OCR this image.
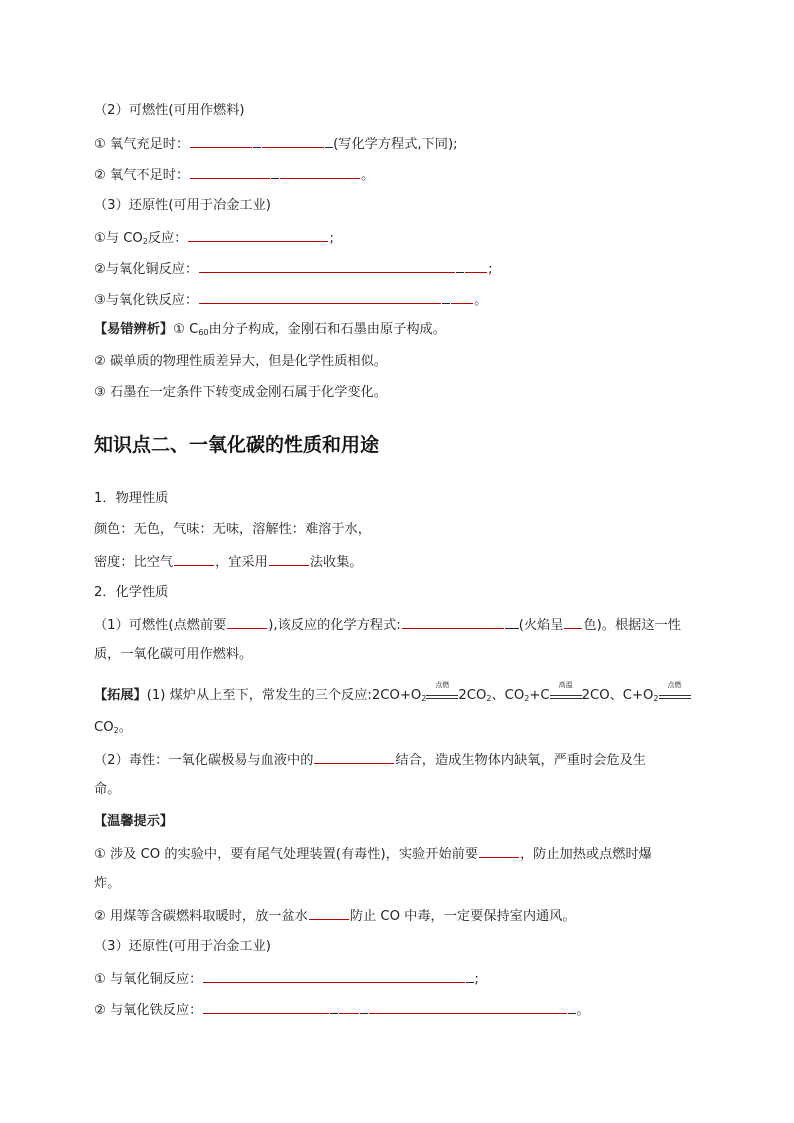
（2）可燃性(可用作燃料)
① 氧气充足时：	(写化学方程式,下同);
② 氧气不足时：	。
（3）还原性(可用于冶金工业)
①与 $CO_2$反应：	;
②与氧化铜反应：	;
③与氧化铁反应：	。
【易错辨析】① $C_{60}$由分子构成，金刚石和石墨由原子构成。
② 碳单质的物理性质差异大，但是化学性质相似。
③ 石墨在一定条件下转变成金刚石属于化学变化。
知识点二、一氧化碳的性质和用途
1．物理性质
颜色：无色，气味：无味，溶解性：难溶于水，
密度：比空气	，宜采用	法收集。
2．化学性质
（1）可燃性(点燃前要	),该反应的化学方程式:	(火焰呈 色)。根据这一性
质，一氧化碳可用作燃料。
【拓展】(1) 煤炉从上至下，常发生的三个反应$:2CO+O_2$
点燃
$2CO_2$、$CO_2+C$
高温
2CO、$C+O_2$
点燃
$CO_2$。
（2）毒性：一氧化碳极易与血液中的	结合，造成生物体内缺氧，严重时会危及生
命。
【温馨提示】
① 涉及 CO 的实验中，要有尾气处理装置(有毒性)，实验开始前要	，防止加热或点燃时爆
炸。
② 用煤等含碳燃料取暖时，放一盆水	防止 CO 中毒，一定要保持室内通风。
（3）还原性(可用于冶金工业)
① 与氧化铜反应：	;
② 与氧化铁反应：	。
